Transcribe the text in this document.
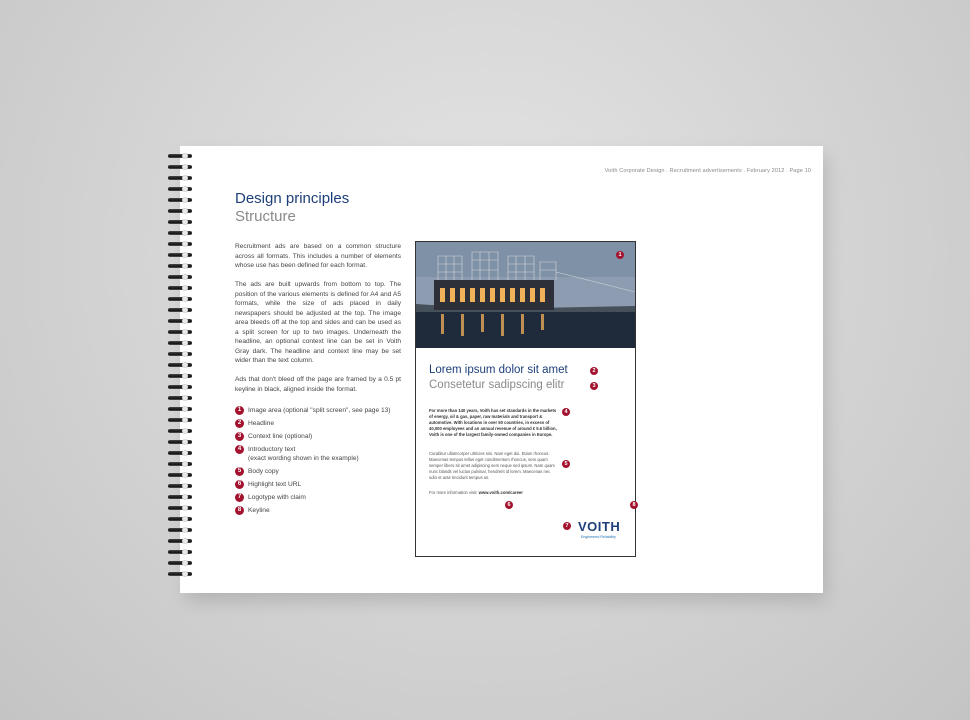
Voith Corporate Design . Recruitment advertisements . February 2012 . Page 10
Design principles
Structure

Recruitment ads are based on a common structure across all formats. This includes a number of elements whose use has been defined for each format.

The ads are built upwards from bottom to top. The position of the various elements is defined for A4 and A5 formats, while the size of ads placed in daily newspapers should be adjusted at the top. The image area bleeds off at the top and sides and can be used as a split screen for up to two images. Underneath the headline, an optional context line can be set in Voith Gray dark. The headline and context line may be set wider than the text column.

Ads that don't bleed off the page are framed by a 0.5 pt keyline in black, aligned inside the format.

1	Image area (optional "split screen", see page 13)
2	Headline
3	Context line (optional)
4	Introductory text
(exact wording shown in the example)
5	Body copy
6	Highlight text URL
7	Logotype with claim
8	Keyline
1
Lorem ipsum dolor sit amet	2
Consetetur sadipscing elitr	3
For more than 140 years, Voith has set standards in the markets of energy, oil & gas, paper, raw materials and transport & automotive. With locations in over 50 countries, in excess of 40,000 employees and an annual revenue of around € 5.6 billion, Voith is one of the largest family-owned companies in Europe.
4
Curabitur ullamcorper ultricies nisi. Nam eget dui. Etiam rhoncus. Maecenas tempus tellus eget condimentum rhoncus, sem quam semper libero sit amet adipiscing sem neque sed ipsum. Nam quam nunc blandit vel luctus pulvinar, hendrerit id lorem. Maecenas nec odio et ante tincidunt tempus us.
5
For more information visit: www.voith.com/career
6
7 VOITH
Engineered Reliability
8
